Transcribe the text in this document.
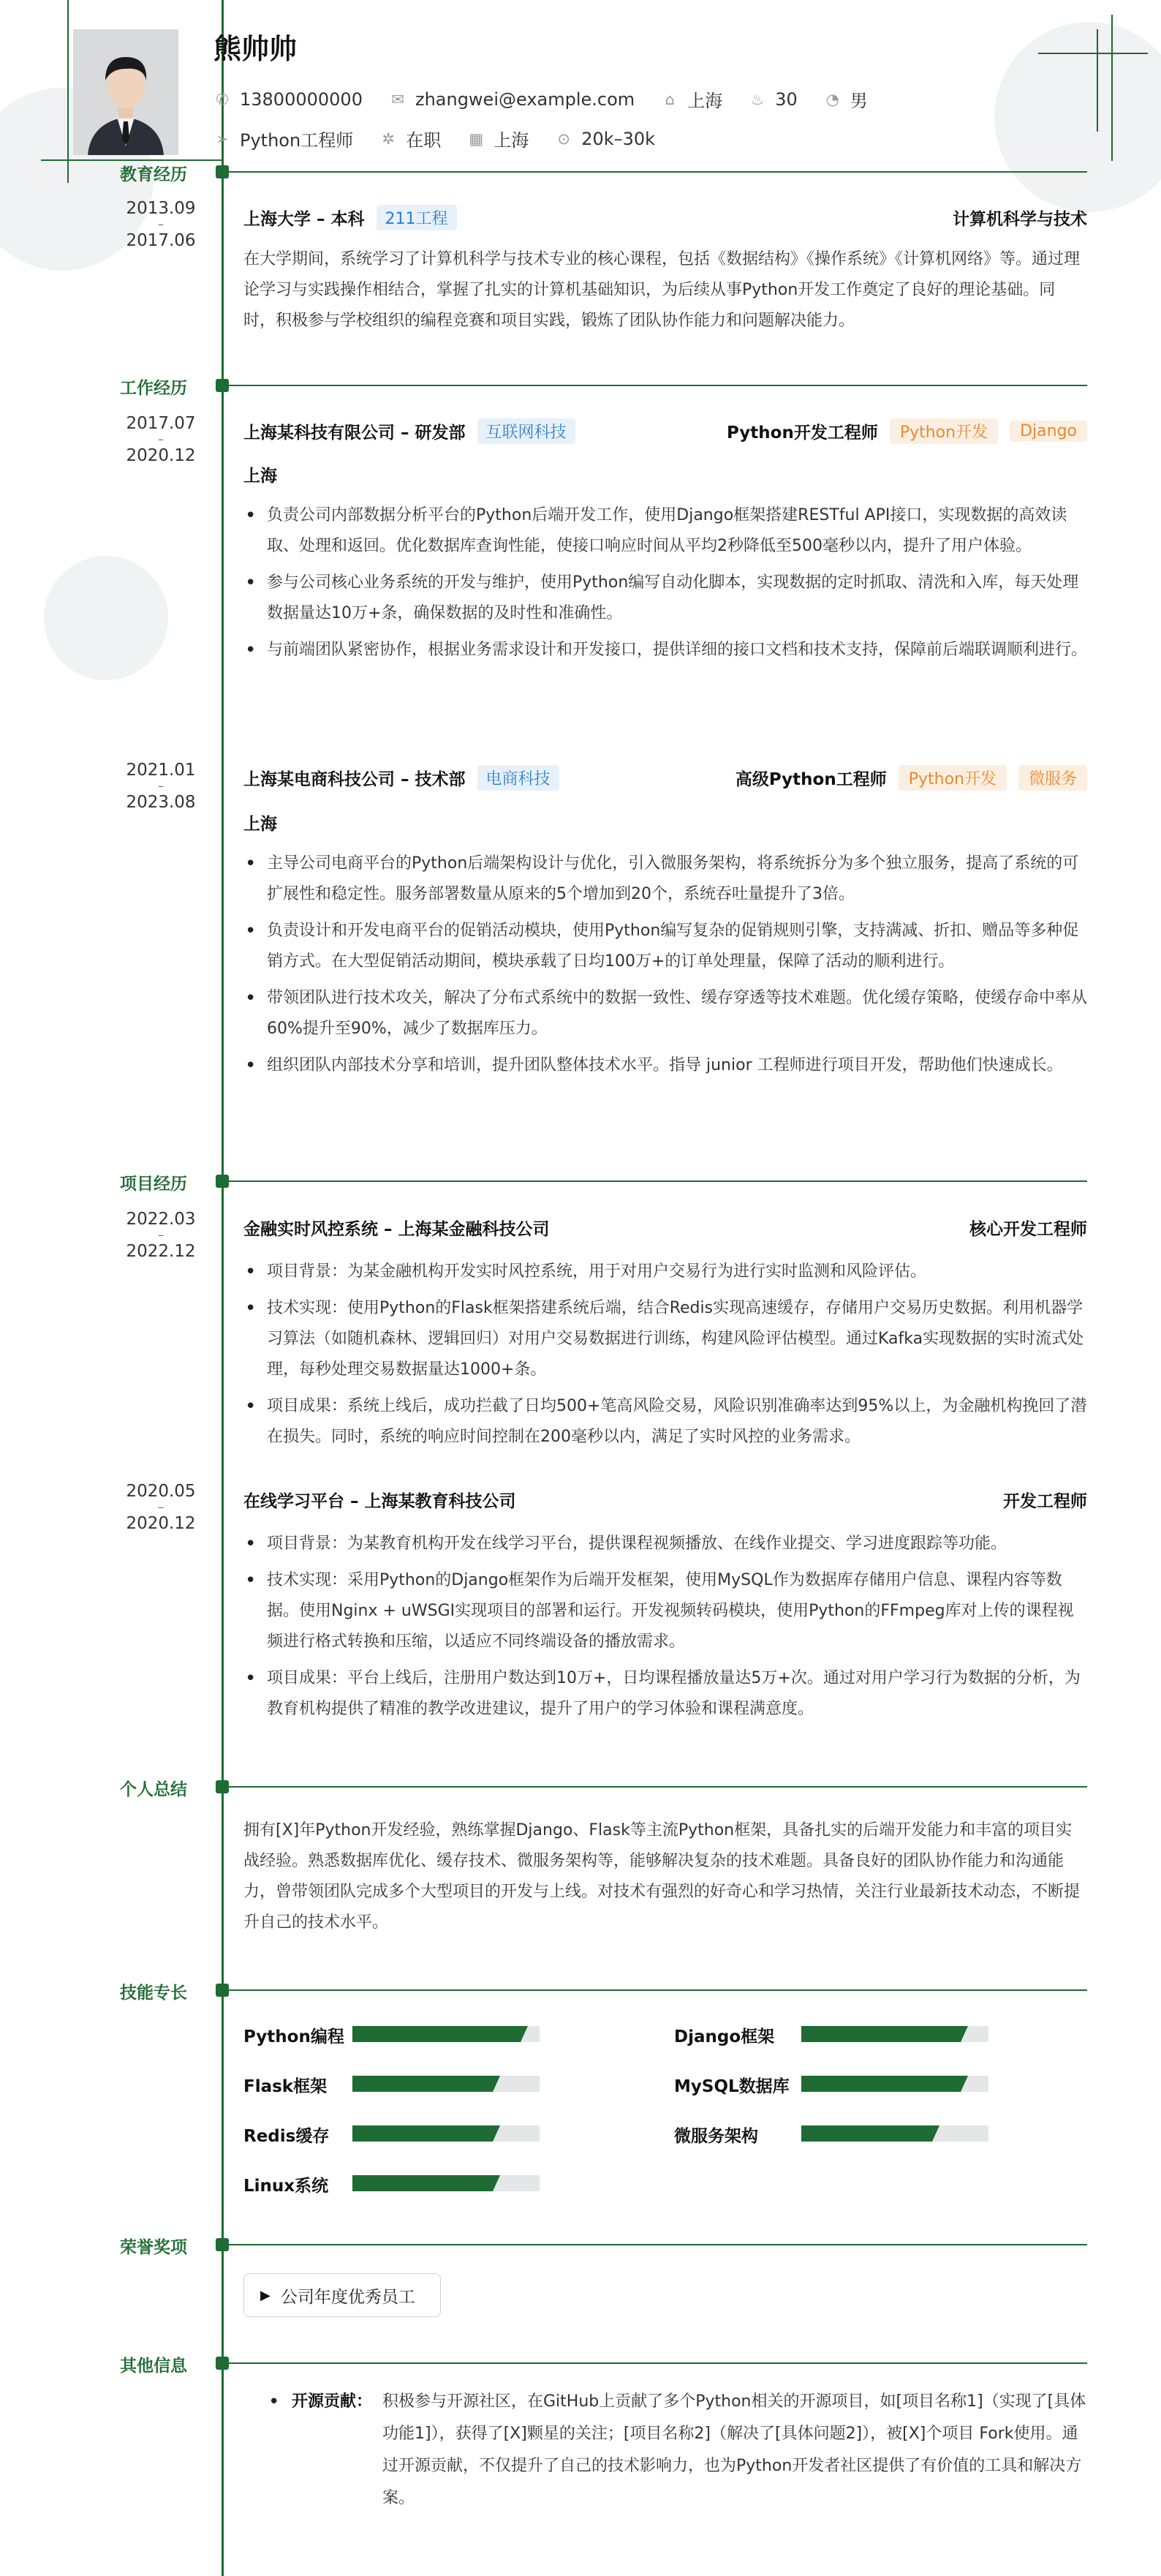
熊帅帅
✆ 13800000000 ✉ zhangwei@example.com ⌂ 上海 ♨ 30 ◔ 男
➢ Python工程师 ✲ 在职 ▦ 上海 ⊙ 20k–30k
教育经历
2013.09
–
2017.06
上海大学 – 本科	211工程	计算机科学与技术
在大学期间，系统学习了计算机科学与技术专业的核心课程，包括《数据结构》《操作系统》《计算机网络》等。通过理论学习与实践操作相结合，掌握了扎实的计算机基础知识，为后续从事Python开发工作奠定了良好的理论基础。同时，积极参与学校组织的编程竞赛和项目实践，锻炼了团队协作能力和问题解决能力。
工作经历
2017.07
–
2020.12
上海某科技有限公司 – 研发部	互联网科技	Python开发工程师	Python开发	Django
上海
• 负责公司内部数据分析平台的Python后端开发工作，使用Django框架搭建RESTful API接口，实现数据的高效读取、处理和返回。优化数据库查询性能，使接口响应时间从平均2秒降低至500毫秒以内，提升了用户体验。
• 参与公司核心业务系统的开发与维护，使用Python编写自动化脚本，实现数据的定时抓取、清洗和入库，每天处理数据量达10万+条，确保数据的及时性和准确性。
• 与前端团队紧密协作，根据业务需求设计和开发接口，提供详细的接口文档和技术支持，保障前后端联调顺利进行。
2021.01
–
2023.08
上海某电商科技公司 – 技术部	电商科技	高级Python工程师	Python开发	微服务
上海
• 主导公司电商平台的Python后端架构设计与优化，引入微服务架构，将系统拆分为多个独立服务，提高了系统的可扩展性和稳定性。服务部署数量从原来的5个增加到20个，系统吞吐量提升了3倍。
• 负责设计和开发电商平台的促销活动模块，使用Python编写复杂的促销规则引擎，支持满减、折扣、赠品等多种促销方式。在大型促销活动期间，模块承载了日均100万+的订单处理量，保障了活动的顺利进行。
• 带领团队进行技术攻关，解决了分布式系统中的数据一致性、缓存穿透等技术难题。优化缓存策略，使缓存命中率从60%提升至90%，减少了数据库压力。
• 组织团队内部技术分享和培训，提升团队整体技术水平。指导 junior 工程师进行项目开发，帮助他们快速成长。
项目经历
2022.03
–
2022.12
金融实时风控系统 – 上海某金融科技公司	核心开发工程师
• 项目背景：为某金融机构开发实时风控系统，用于对用户交易行为进行实时监测和风险评估。
• 技术实现：使用Python的Flask框架搭建系统后端，结合Redis实现高速缓存，存储用户交易历史数据。利用机器学习算法（如随机森林、逻辑回归）对用户交易数据进行训练，构建风险评估模型。通过Kafka实现数据的实时流式处理，每秒处理交易数据量达1000+条。
• 项目成果：系统上线后，成功拦截了日均500+笔高风险交易，风险识别准确率达到95%以上，为金融机构挽回了潜在损失。同时，系统的响应时间控制在200毫秒以内，满足了实时风控的业务需求。
2020.05
–
2020.12
在线学习平台 – 上海某教育科技公司	开发工程师
• 项目背景：为某教育机构开发在线学习平台，提供课程视频播放、在线作业提交、学习进度跟踪等功能。
• 技术实现：采用Python的Django框架作为后端开发框架，使用MySQL作为数据库存储用户信息、课程内容等数据。使用Nginx + uWSGI实现项目的部署和运行。开发视频转码模块，使用Python的FFmpeg库对上传的课程视频进行格式转换和压缩，以适应不同终端设备的播放需求。
• 项目成果：平台上线后，注册用户数达到10万+，日均课程播放量达5万+次。通过对用户学习行为数据的分析，为教育机构提供了精准的教学改进建议，提升了用户的学习体验和课程满意度。
个人总结
拥有[X]年Python开发经验，熟练掌握Django、Flask等主流Python框架，具备扎实的后端开发能力和丰富的项目实战经验。熟悉数据库优化、缓存技术、微服务架构等，能够解决复杂的技术难题。具备良好的团队协作能力和沟通能力，曾带领团队完成多个大型项目的开发与上线。对技术有强烈的好奇心和学习热情，关注行业最新技术动态，不断提升自己的技术水平。
技能专长
Python编程	Django框架
Flask框架	MySQL数据库
Redis缓存	微服务架构
Linux系统
荣誉奖项
▶ 公司年度优秀员工
其他信息
• 开源贡献： 积极参与开源社区，在GitHub上贡献了多个Python相关的开源项目，如[项目名称1]（实现了[具体功能1]），获得了[X]颗星的关注；[项目名称2]（解决了[具体问题2]），被[X]个项目 Fork使用。通过开源贡献，不仅提升了自己的技术影响力，也为Python开发者社区提供了有价值的工具和解决方案。
